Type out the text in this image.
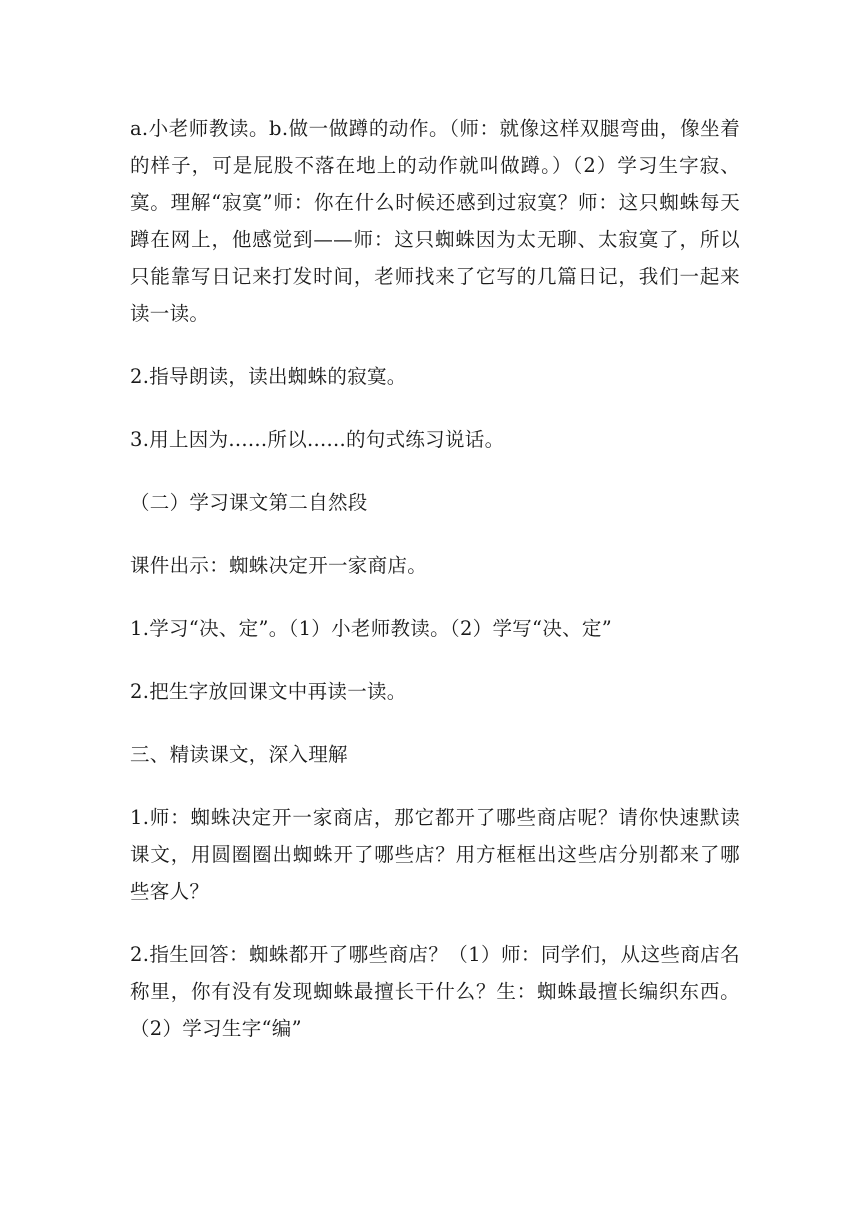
a.小老师教读。b.做一做蹲的动作。（师：就像这样双腿弯曲，像坐着的样子，可是屁股不落在地上的动作就叫做蹲。）（2）学习生字寂、寞。理解“寂寞”师：你在什么时候还感到过寂寞？师：这只蜘蛛每天蹲在网上，他感觉到——师：这只蜘蛛因为太无聊、太寂寞了，所以只能靠写日记来打发时间，老师找来了它写的几篇日记，我们一起来读一读。

2.指导朗读，读出蜘蛛的寂寞。

3.用上因为......所以......的句式练习说话。

（二）学习课文第二自然段

课件出示：蜘蛛决定开一家商店。

1.学习“决、定”。（1）小老师教读。（2）学写“决、定”

2.把生字放回课文中再读一读。

三、精读课文，深入理解

1.师：蜘蛛决定开一家商店，那它都开了哪些商店呢？请你快速默读课文，用圆圈圈出蜘蛛开了哪些店？用方框框出这些店分别都来了哪些客人？

2.指生回答：蜘蛛都开了哪些商店？（1）师：同学们，从这些商店名称里，你有没有发现蜘蛛最擅长干什么？生：蜘蛛最擅长编织东西。（2）学习生字“编”
